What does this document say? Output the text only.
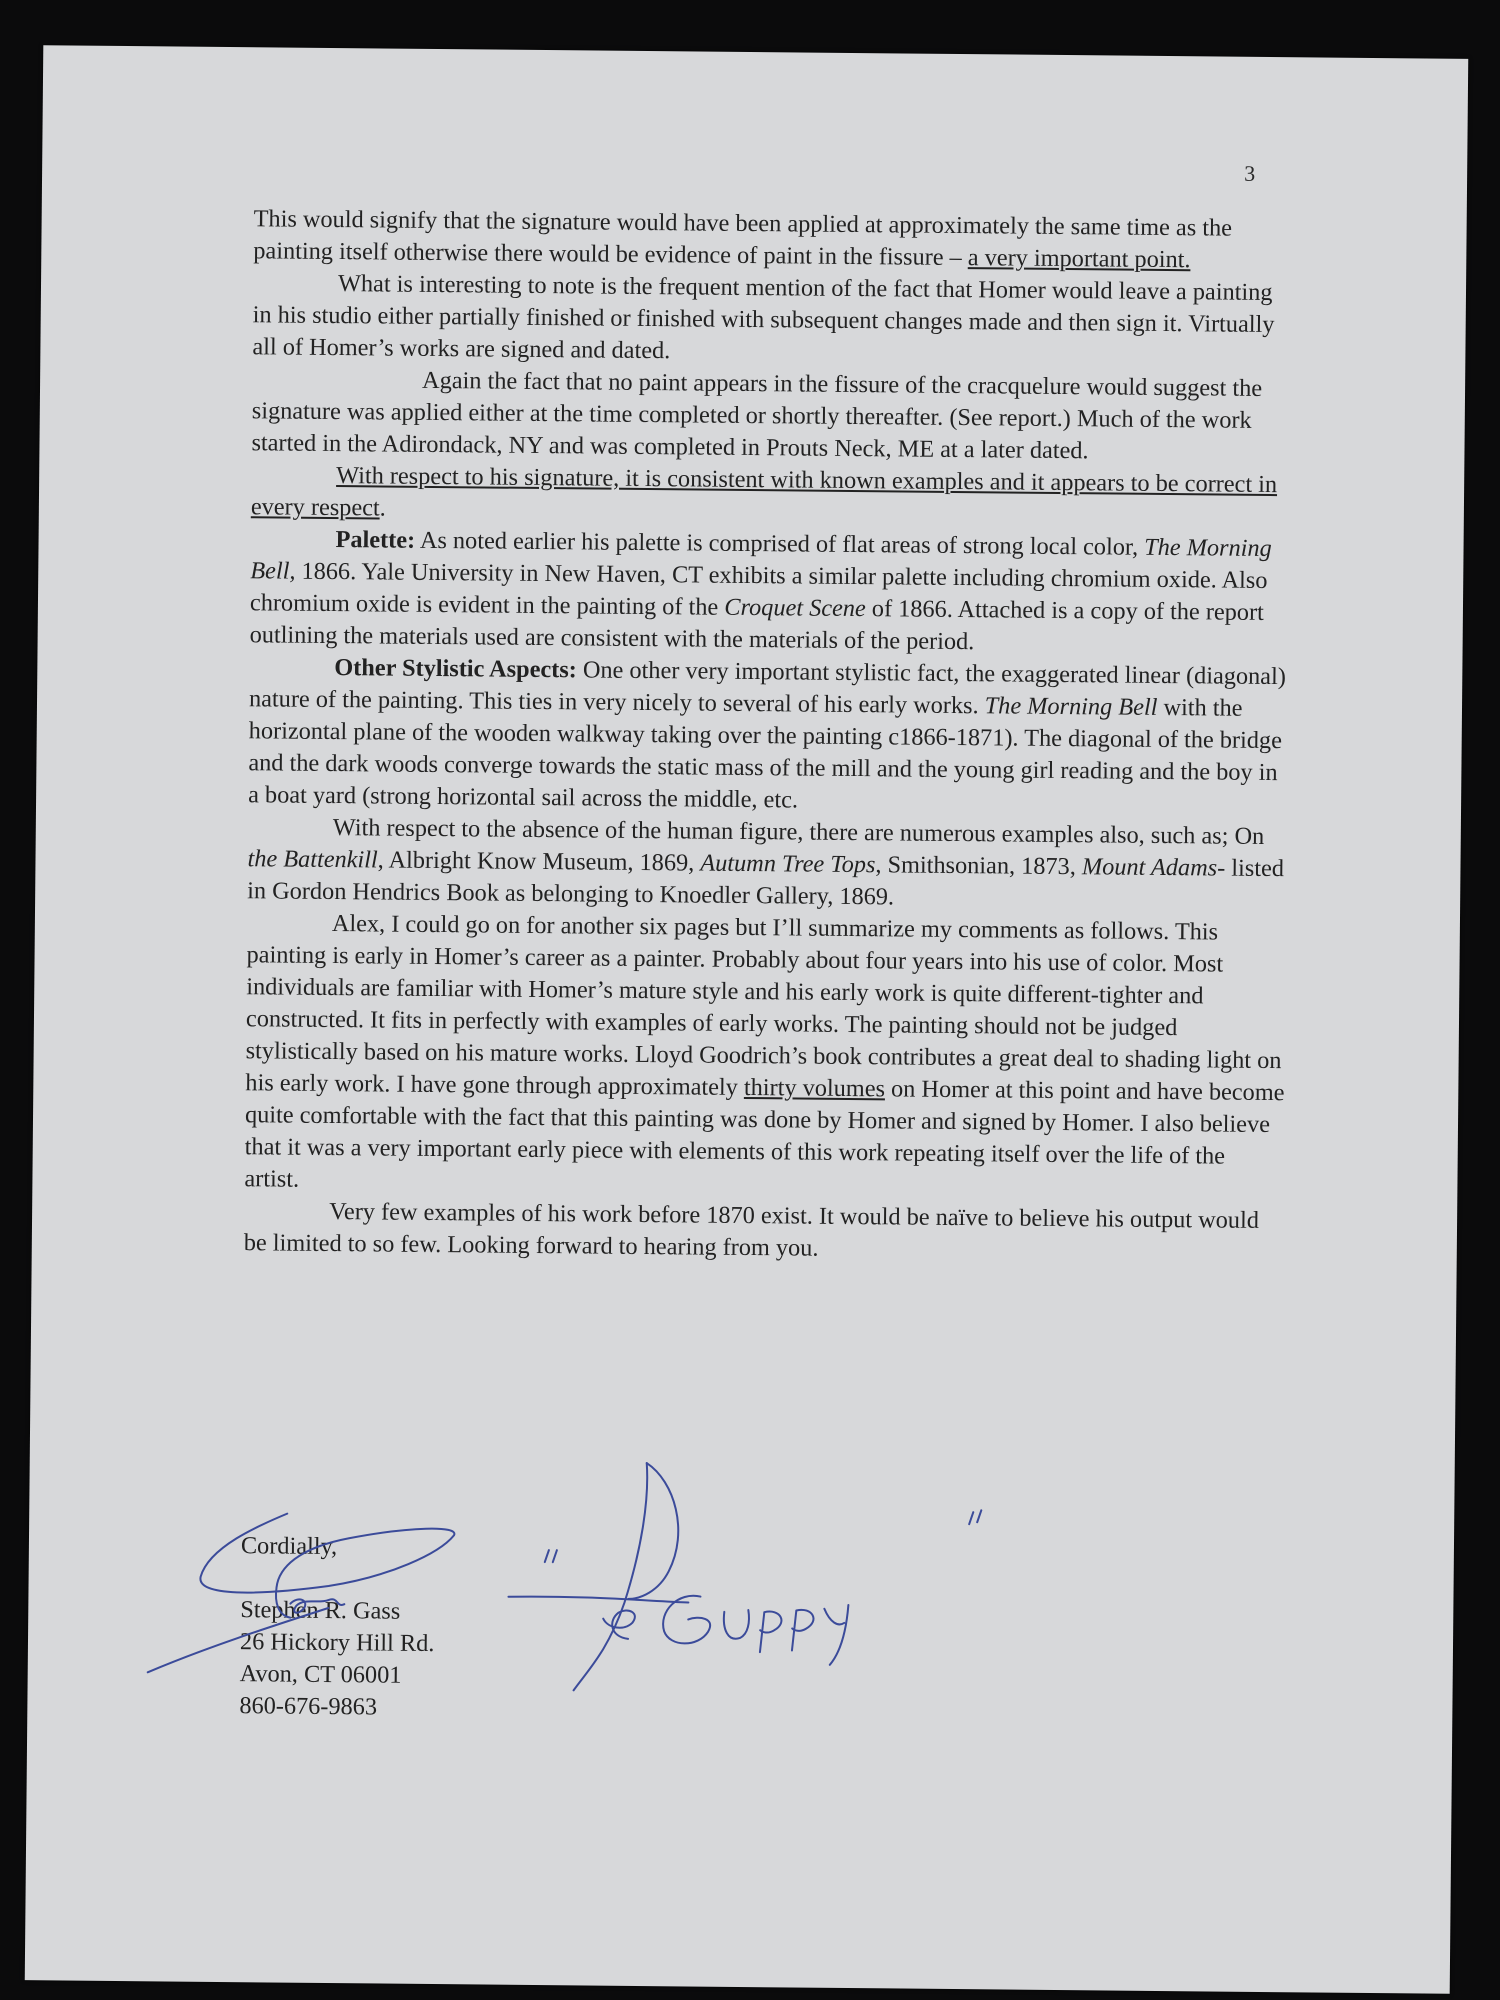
3

This would signify that the signature would have been applied at approximately the same time as the painting itself otherwise there would be evidence of paint in the fissure – a very important point.

What is interesting to note is the frequent mention of the fact that Homer would leave a painting in his studio either partially finished or finished with subsequent changes made and then sign it. Virtually all of Homer’s works are signed and dated.

Again the fact that no paint appears in the fissure of the cracquelure would suggest the signature was applied either at the time completed or shortly thereafter. (See report.) Much of the work started in the Adirondack, NY and was completed in Prouts Neck, ME at a later dated.

With respect to his signature, it is consistent with known examples and it appears to be correct in every respect.

Palette: As noted earlier his palette is comprised of flat areas of strong local color, The Morning Bell, 1866. Yale University in New Haven, CT exhibits a similar palette including chromium oxide. Also chromium oxide is evident in the painting of the Croquet Scene of 1866. Attached is a copy of the report outlining the materials used are consistent with the materials of the period.

Other Stylistic Aspects: One other very important stylistic fact, the exaggerated linear (diagonal) nature of the painting. This ties in very nicely to several of his early works. The Morning Bell with the horizontal plane of the wooden walkway taking over the painting c1866-1871). The diagonal of the bridge and the dark woods converge towards the static mass of the mill and the young girl reading and the boy in a boat yard (strong horizontal sail across the middle, etc.

With respect to the absence of the human figure, there are numerous examples also, such as; On the Battenkill, Albright Know Museum, 1869, Autumn Tree Tops, Smithsonian, 1873, Mount Adams- listed in Gordon Hendrics Book as belonging to Knoedler Gallery, 1869.

Alex, I could go on for another six pages but I’ll summarize my comments as follows. This painting is early in Homer’s career as a painter. Probably about four years into his use of color. Most individuals are familiar with Homer’s mature style and his early work is quite different-tighter and constructed. It fits in perfectly with examples of early works. The painting should not be judged stylistically based on his mature works. Lloyd Goodrich’s book contributes a great deal to shading light on his early work. I have gone through approximately thirty volumes on Homer at this point and have become quite comfortable with the fact that this painting was done by Homer and signed by Homer. I also believe that it was a very important early piece with elements of this work repeating itself over the life of the artist.

Very few examples of his work before 1870 exist. It would be naïve to believe his output would be limited to so few. Looking forward to hearing from you.

Cordially,
Stephen R. Gass
26 Hickory Hill Rd.
Avon, CT 06001
860-676-9863
